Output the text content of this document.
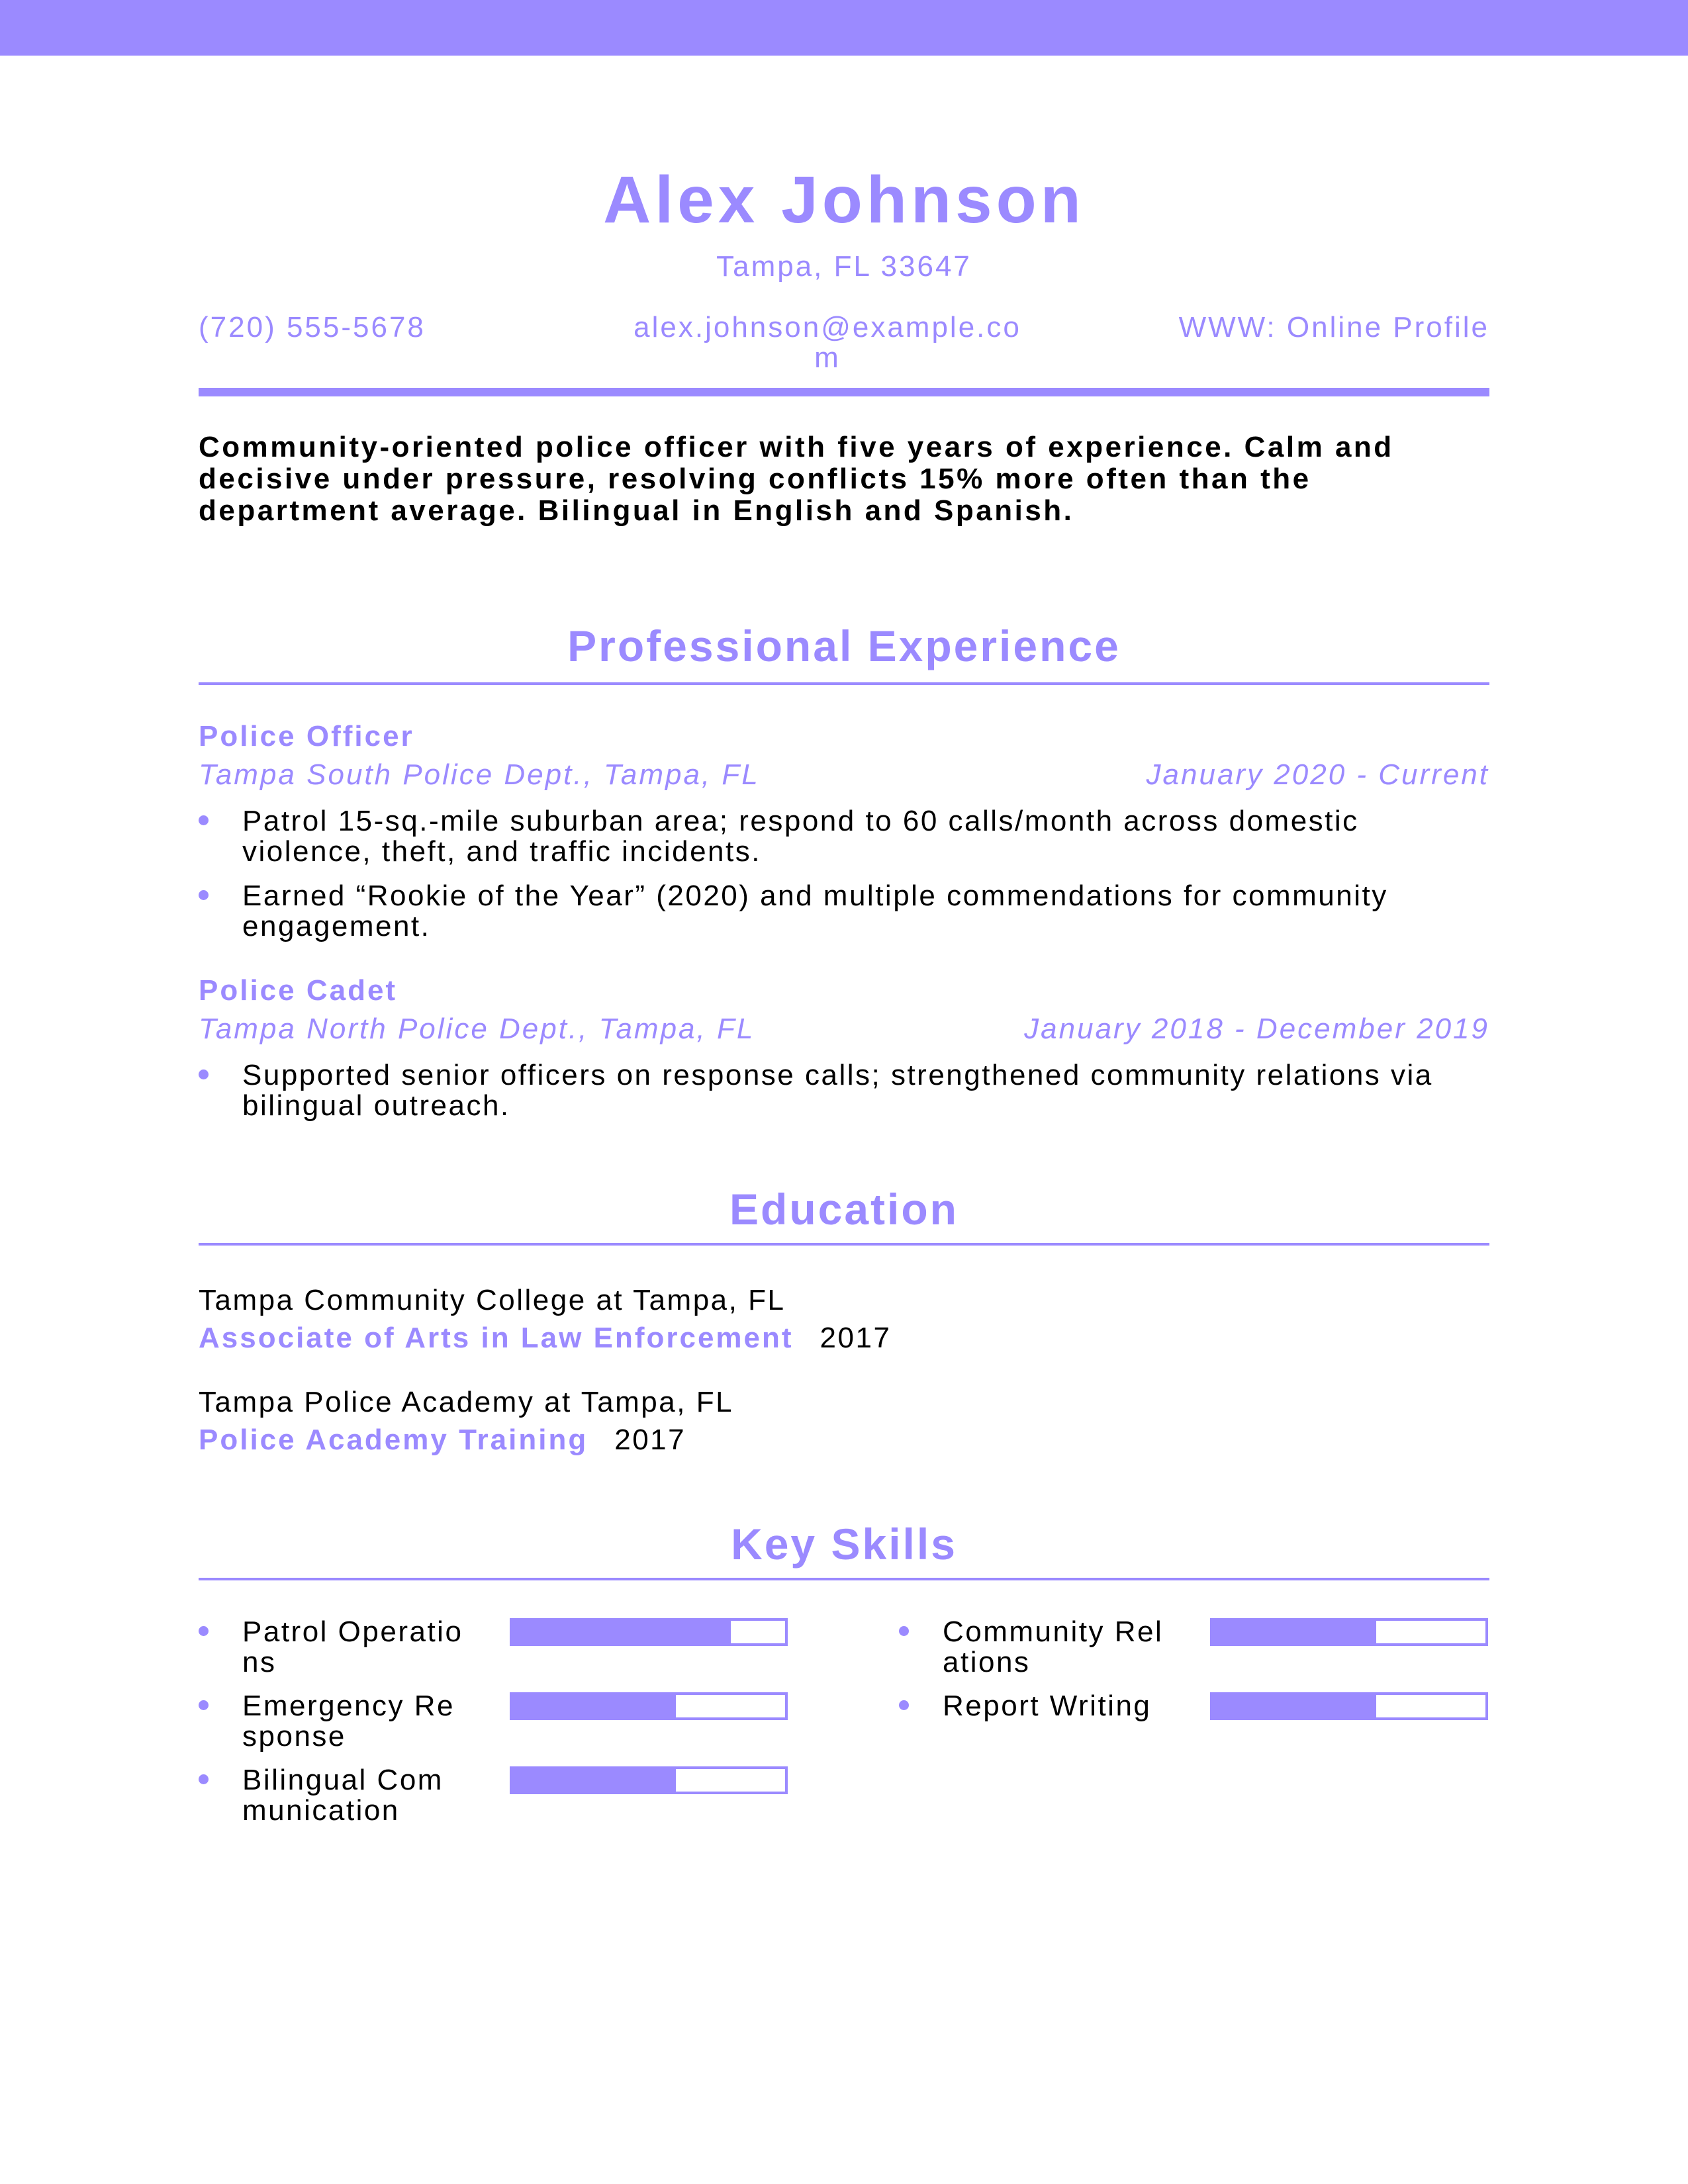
Alex Johnson
Tampa, FL 33647
(720) 555-5678	alex.johnson@example.com
WWW: Online Profile
Community-oriented police officer with five years of experience. Calm and decisive under pressure, resolving conflicts 15% more often than the department average. Bilingual in English and Spanish.
Professional Experience
Police Officer
Tampa South Police Dept., Tampa, FL	January 2020 - Current
Patrol 15-sq.-mile suburban area; respond to 60 calls/month across domestic violence, theft, and traffic incidents.
Earned “Rookie of the Year” (2020) and multiple commendations for community engagement.
Police Cadet
Tampa North Police Dept., Tampa, FL	January 2018 - December 2019
Supported senior officers on response calls; strengthened community relations via bilingual outreach.
Education
Tampa Community College at Tampa, FL
Associate of Arts in Law Enforcement 2017
Tampa Police Academy at Tampa, FL
Police Academy Training 2017
Key Skills
Patrol Operations
Community Relations
Emergency Response
Report Writing
Bilingual Communication
